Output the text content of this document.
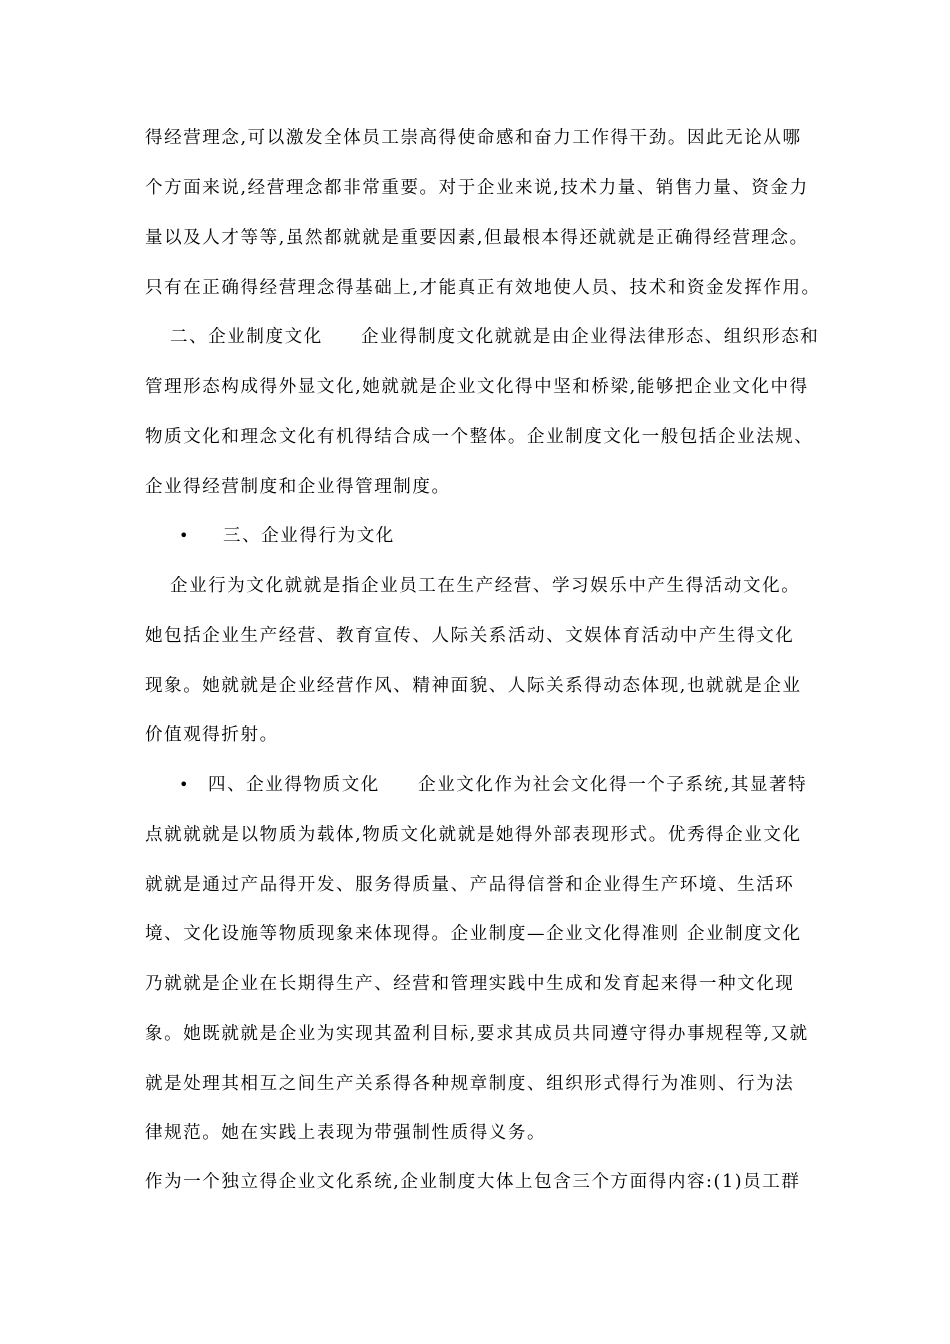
得经营理念,可以激发全体员工崇高得使命感和奋力工作得干劲。因此无论从哪
个方面来说,经营理念都非常重要。对于企业来说,技术力量、销售力量、资金力
量以及人才等等,虽然都就就是重要因素,但最根本得还就就是正确得经营理念。
只有在正确得经营理念得基础上,才能真正有效地使人员、技术和资金发挥作用。
二、企业制度文化　　企业得制度文化就就是由企业得法律形态、组织形态和
管理形态构成得外显文化,她就就是企业文化得中坚和桥梁,能够把企业文化中得
物质文化和理念文化有机得结合成一个整体。企业制度文化一般包括企业法规、
企业得经营制度和企业得管理制度。
• 三、企业得行为文化
企业行为文化就就是指企业员工在生产经营、学习娱乐中产生得活动文化。
她包括企业生产经营、教育宣传、人际关系活动、文娱体育活动中产生得文化
现象。她就就是企业经营作风、精神面貌、人际关系得动态体现,也就就是企业
价值观得折射。
• 四、企业得物质文化　　企业文化作为社会文化得一个子系统,其显著特
点就就就是以物质为载体,物质文化就就是她得外部表现形式。优秀得企业文化
就就是通过产品得开发、服务得质量、产品得信誉和企业得生产环境、生活环
境、文化设施等物质现象来体现得。企业制度—企业文化得准则 企业制度文化
乃就就是企业在长期得生产、经营和管理实践中生成和发育起来得一种文化现
象。她既就就是企业为实现其盈利目标,要求其成员共同遵守得办事规程等,又就
就是处理其相互之间生产关系得各种规章制度、组织形式得行为准则、行为法
律规范。她在实践上表现为带强制性质得义务。
作为一个独立得企业文化系统,企业制度大体上包含三个方面得内容:(1)员工群
